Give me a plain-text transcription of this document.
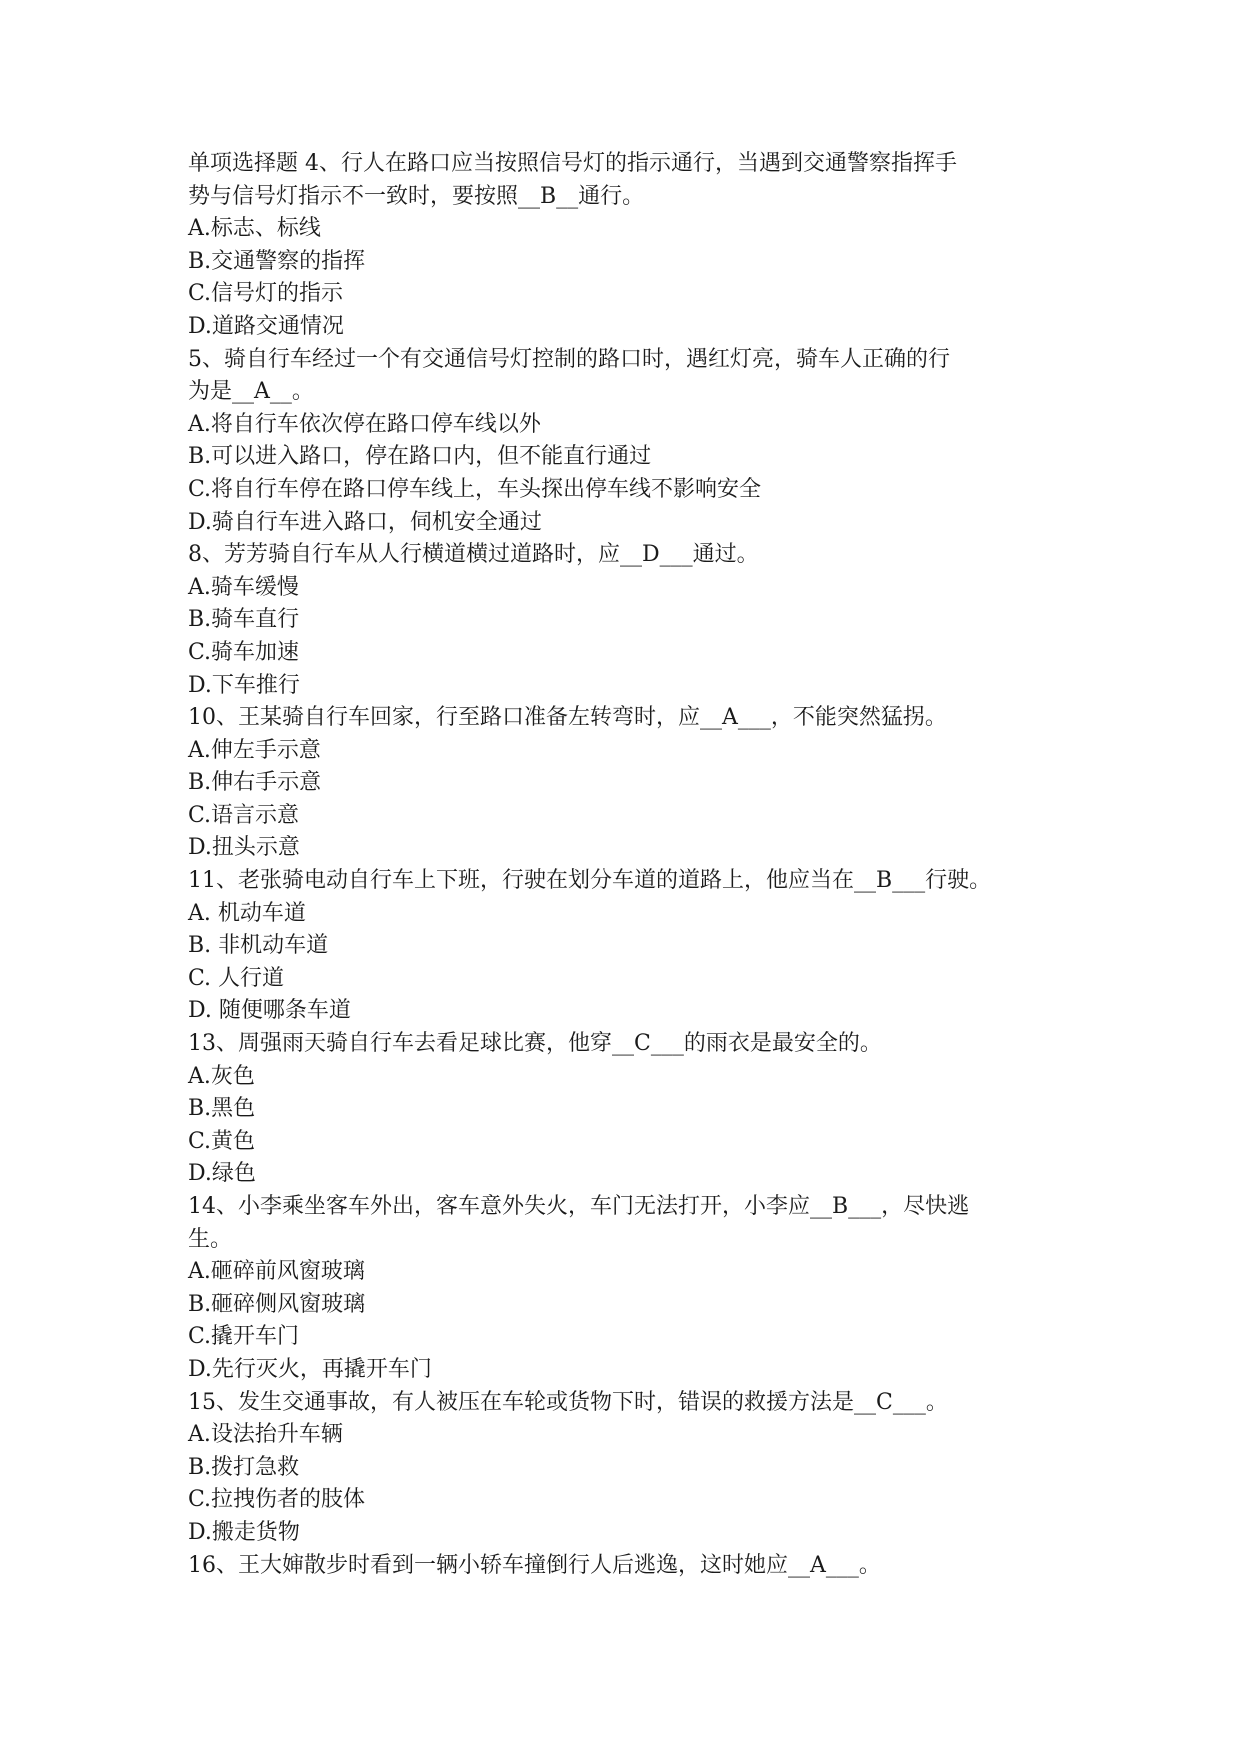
单项选择题 4、行人在路口应当按照信号灯的指示通行，当遇到交通警察指挥手
势与信号灯指示不一致时，要按照__B__通行。
A.标志、标线
B.交通警察的指挥
C.信号灯的指示
D.道路交通情况
5、骑自行车经过一个有交通信号灯控制的路口时，遇红灯亮，骑车人正确的行
为是__A__。
A.将自行车依次停在路口停车线以外
B.可以进入路口，停在路口内，但不能直行通过
C.将自行车停在路口停车线上，车头探出停车线不影响安全
D.骑自行车进入路口，伺机安全通过
8、芳芳骑自行车从人行横道横过道路时，应__D___通过。
A.骑车缓慢
B.骑车直行
C.骑车加速
D.下车推行
10、王某骑自行车回家，行至路口准备左转弯时，应__A___，不能突然猛拐。
A.伸左手示意
B.伸右手示意
C.语言示意
D.扭头示意
11、老张骑电动自行车上下班，行驶在划分车道的道路上，他应当在__B___行驶。
A. 机动车道
B. 非机动车道
C. 人行道
D. 随便哪条车道
13、周强雨天骑自行车去看足球比赛，他穿__C___的雨衣是最安全的。
A.灰色
B.黑色
C.黄色
D.绿色
14、小李乘坐客车外出，客车意外失火，车门无法打开，小李应__B___，尽快逃
生。
A.砸碎前风窗玻璃
B.砸碎侧风窗玻璃
C.撬开车门
D.先行灭火，再撬开车门
15、发生交通事故，有人被压在车轮或货物下时，错误的救援方法是__C___。
A.设法抬升车辆
B.拨打急救
C.拉拽伤者的肢体
D.搬走货物
16、王大婶散步时看到一辆小轿车撞倒行人后逃逸，这时她应__A___。
